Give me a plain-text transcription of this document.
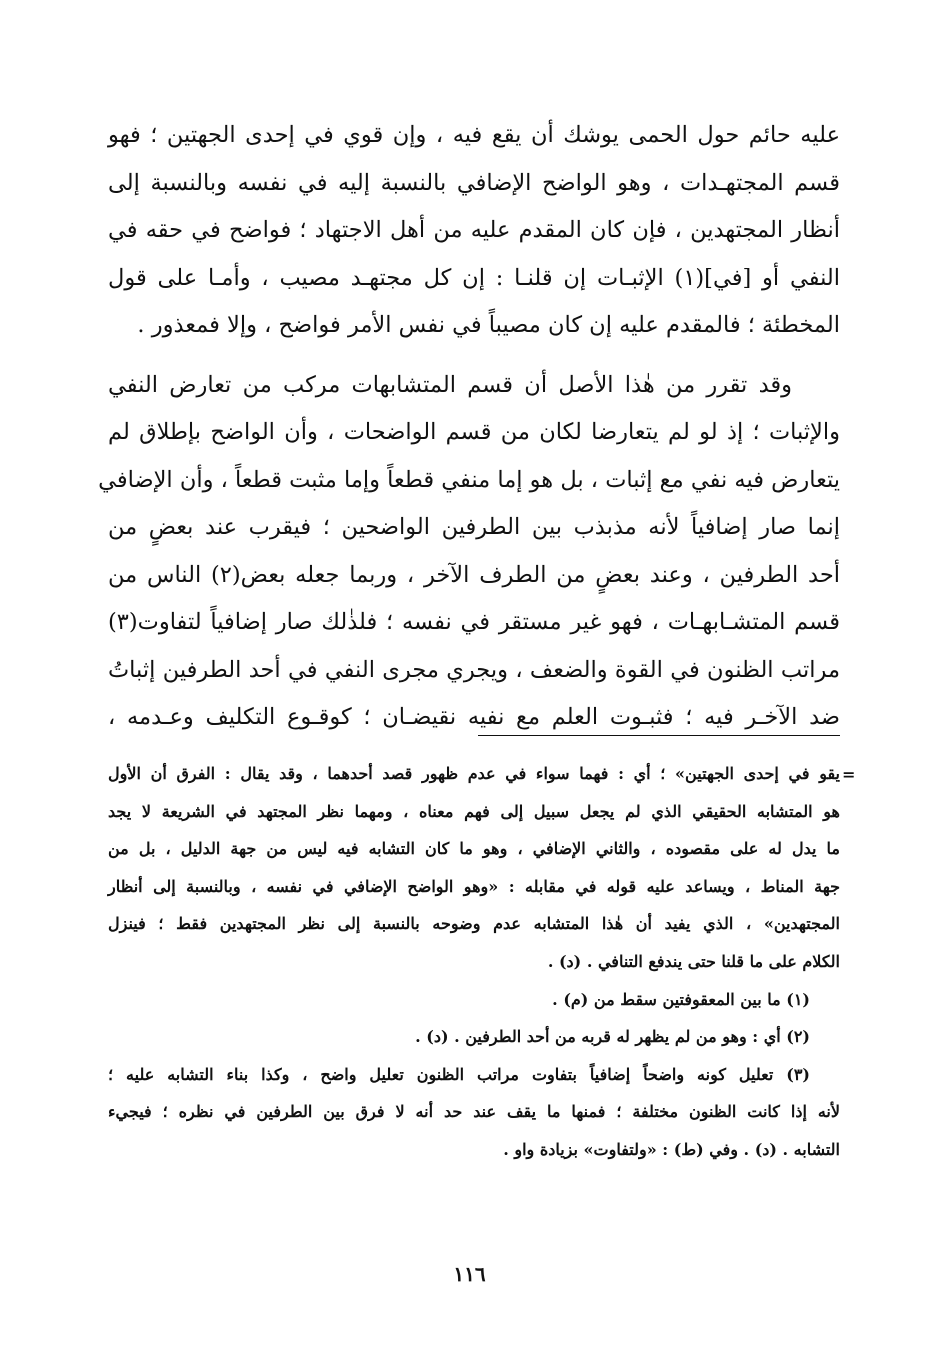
عليه حائم حول الحمى يوشك أن يقع فيه ، وإن قوي في إحدى الجهتين ؛ فهو
قسم المجتهـدات ، وهو الواضح الإضافي بالنسبة إليه في نفسه وبالنسبة إلى
أنظار المجتهدين ، فإن كان المقدم عليه من أهل الاجتهاد ؛ فواضح في حقه في
النفي أو [في](١) الإثبـات إن قلنـا : إن كل مجتهـد مصيب ، وأمـا على قول
المخطئة ؛ فالمقدم عليه إن كان مصيباً في نفس الأمر فواضح ، وإلا فمعذور .
وقد تقرر من هٰذا الأصل أن قسم المتشابهات مركب من تعارض النفي
والإثبات ؛ إذ لو لم يتعارضا لكان من قسم الواضحات ، وأن الواضح بإطلاق لم
يتعارض فيه نفي مع إثبات ، بل هو إما منفي قطعاً وإما مثبت قطعاً ، وأن الإضافي
إنما صار إضافياً لأنه مذبذب بين الطرفين الواضحين ؛ فيقرب عند بعضٍ من
أحد الطرفين ، وعند بعضٍ من الطرف الآخر ، وربما جعله بعض(٢) الناس من
قسم المتشـابهـات ، فهو غير مستقر في نفسه ؛ فلذٰلك صار إضافياً لتفاوت(٣)
مراتب الظنون في القوة والضعف ، ويجري مجرى النفي في أحد الطرفين إثباتُ
ضد الآخـر فيه ؛ فثبـوت العلم مع نفيه نقيضـان ؛ كوقـوع التكليف وعـدمه ،
=
يقو في إحدى الجهتين» ؛ أي : فهما سواء في عدم ظهور قصد أحدهما ، وقد يقال : الفرق أن الأول
هو المتشابه الحقيقي الذي لم يجعل سبيل إلى فهم معناه ، ومهما نظر المجتهد في الشريعة لا يجد
ما يدل له على مقصوده ، والثاني الإضافي ، وهو ما كان التشابه فيه ليس من جهة الدليل ، بل من
جهة المناط ، ويساعد عليه قوله في مقابله : «وهو الواضح الإضافي في نفسه ، وبالنسبة إلى أنظار
المجتهدين» ، الذي يفيد أن هٰذا المتشابه عدم وضوحه بالنسبة إلى نظر المجتهدين فقط ؛ فينزل
الكلام على ما قلنا حتى يندفع التنافي . (د) .
(١) ما بين المعقوفتين سقط من (م) .
(٢) أي : وهو من لم يظهر له قربه من أحد الطرفين . (د) .
(٣) تعليل كونه واضحاً إضافياً بتفاوت مراتب الظنون تعليل واضح ، وكذا بناء التشابه عليه ؛
لأنه إذا كانت الظنون مختلفة ؛ فمنها ما يقف عند حد أنه لا فرق بين الطرفين في نظره ؛ فيجيء
التشابه . (د) . وفي (ط) : «ولتفاوت» بزيادة واو .
١١٦
